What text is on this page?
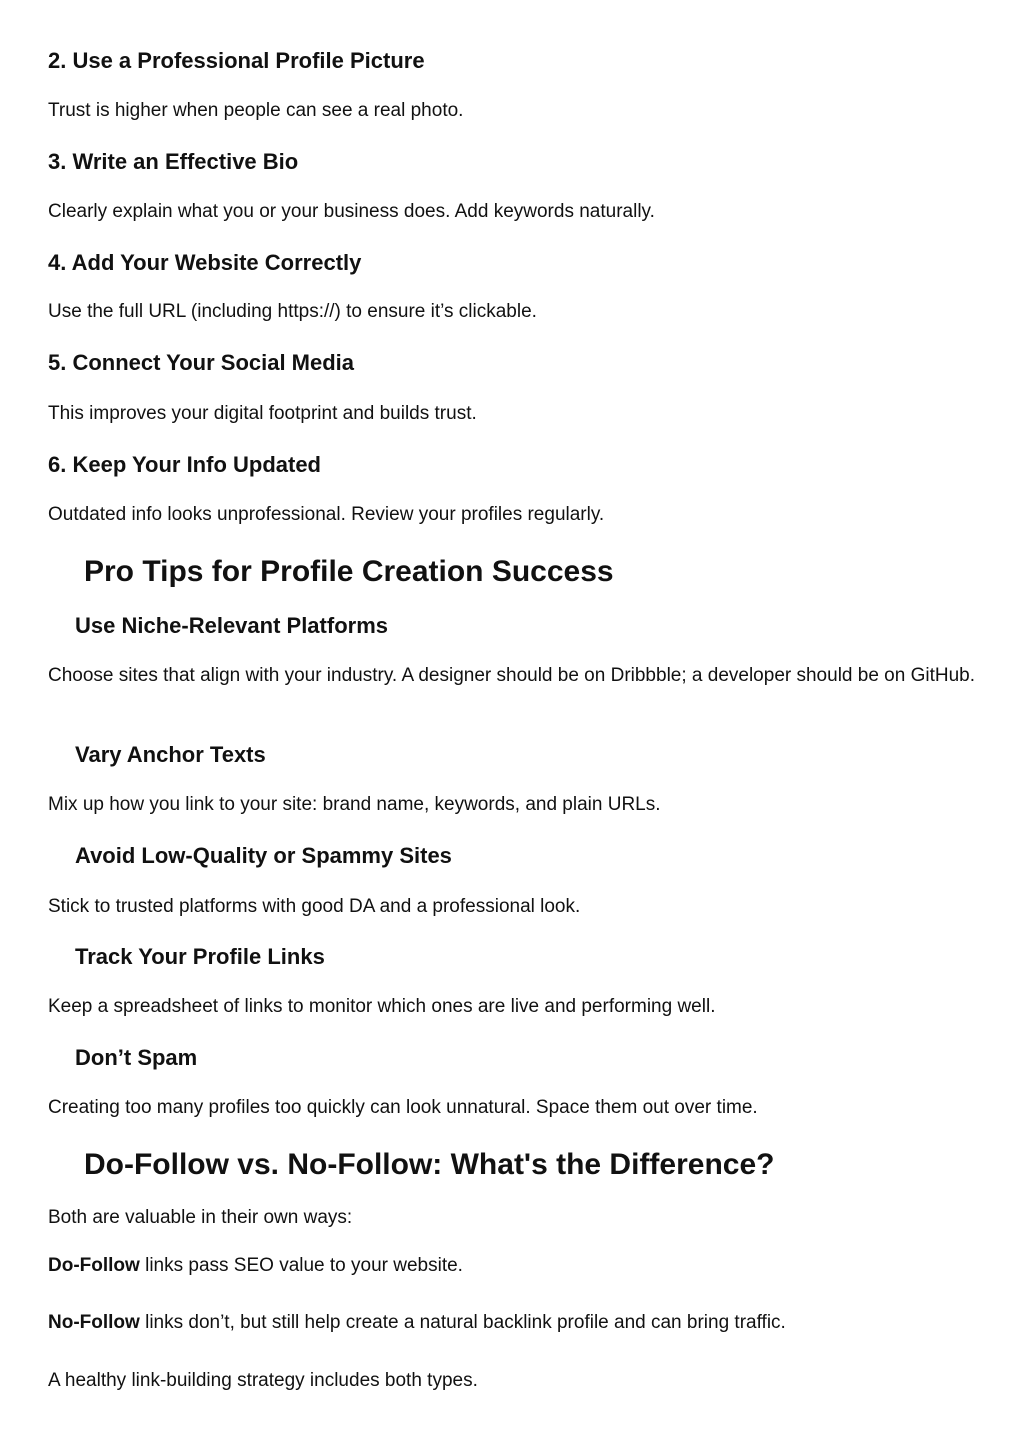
2. Use a Professional Profile Picture

Trust is higher when people can see a real photo.

3. Write an Effective Bio

Clearly explain what you or your business does. Add keywords naturally.

4. Add Your Website Correctly

Use the full URL (including https://) to ensure it’s clickable.

5. Connect Your Social Media

This improves your digital footprint and builds trust.

6. Keep Your Info Updated

Outdated info looks unprofessional. Review your profiles regularly.

Pro Tips for Profile Creation Success
Use Niche-Relevant Platforms

Choose sites that align with your industry. A designer should be on Dribbble; a developer should be on GitHub.

Vary Anchor Texts

Mix up how you link to your site: brand name, keywords, and plain URLs.

Avoid Low-Quality or Spammy Sites

Stick to trusted platforms with good DA and a professional look.

Track Your Profile Links

Keep a spreadsheet of links to monitor which ones are live and performing well.

Don’t Spam

Creating too many profiles too quickly can look unnatural. Space them out over time.

Do-Follow vs. No-Follow: What's the Difference?

Both are valuable in their own ways:

Do-Follow links pass SEO value to your website.

No-Follow links don’t, but still help create a natural backlink profile and can bring traffic.

A healthy link-building strategy includes both types.
